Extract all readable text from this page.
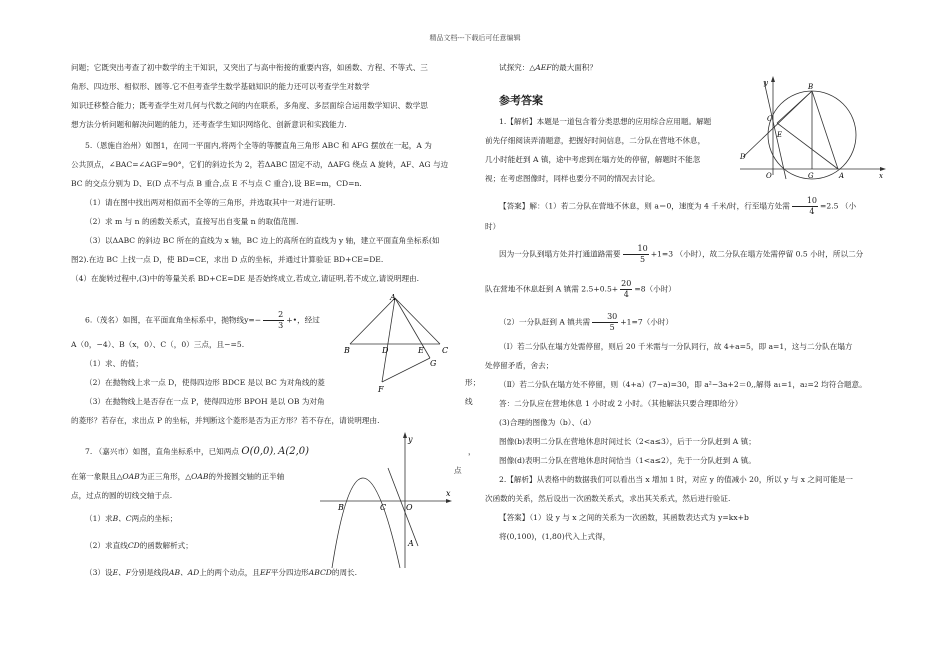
精品文档---下载后可任意编辑

问题；它既突出考查了初中数学的主干知识，又突出了与高中衔接的重要内容，如函数、方程、不等式、三

角形、四边形、相似形、圆等.它不但考查学生数学基础知识的能力还可以考查学生对数学

知识迁移整合能力；既考查学生对几何与代数之间的内在联系，多角度、多层面综合运用数学知识、数学思

想方法分析问题和解决问题的能力，还考查学生知识网络化、创新意识和实践能力.

5.（恩施自治州）如图1，在同一平面内,将两个全等的等腰直角三角形 ABC 和 AFG 摆放在一起，A 为

公共顶点，∠BAC=∠AGF=90°，它们的斜边长为 2，若ΔABC 固定不动，ΔAFG 绕点 A 旋转，AF、AG 与边

BC 的交点分别为 D、E(D 点不与点 B 重合,点 E 不与点 C 重合),设 BE=m，CD=n.

（1）请在图中找出两对相似而不全等的三角形，并选取其中一对进行证明.

（2）求 m 与 n 的函数关系式，直接写出自变量 n 的取值范围.

（3）以ΔABC 的斜边 BC 所在的直线为 x 轴，BC 边上的高所在的直线为 y 轴，建立平面直角坐标系(如

图2).在边 BC 上找一点 D，使 BD=CE，求出 D 点的坐标，并通过计算验证 BD+CE=DE.

（4）在旋转过程中,(3)中的等量关系 BD+CE=DE 是否始终成立,若成立,请证明,若不成立,请说明理由.

6.（茂名）如图，在平面直角坐标系中，抛物线$y=- \frac{2}{3}$ +•，经过

A（0，−4）、B（x，0）、C（，0）三点，且−=5.

（1）求、的值；

（2）在抛物线上求一点 D，使得四边形 BDCE 是以 BC 为对角线的菱	形；

（3）在抛物线上是否存在一点 P，使得四边形 BPOH 是以 OB 为对角	线

的菱形？若存在，求出点 P 的坐标，并判断这个菱形是否为正方形？若不存在，请说明理由.

7. （嘉兴市）如图，直角坐标系中，已知两点 O(0,0), A(2,0)	，点

在第一象限且△OAB为正三角形，△OAB的外接圆交轴的正半轴

点，过点的圆的切线交轴于点.

（1）求B、C两点的坐标；

（2）求直线CD的函数解析式；

（3）设E、F分别是线段AB、AD上的两个动点，且EF平分四边形ABCD的周长.

A
B	D	E C
F
G
y
x
B	C O
A

试探究：△AEF的最大面积？

参考答案

1.【解析】本题是一道包含着分类思想的应用综合应用题。解题

前先仔细阅读弄清题意，把握好时间信息，二分队在营地不休息，

几小时能赶到 A 镇，途中考虑到在塌方处的停留，解题时不能忽

视；在考虑图像时，同样也要分不同的情况去讨论。

【答案】解：（1）若二分队在营地不休息，则 a＝0，速度为 4 千米/时，行至塌方处需 $\frac{10}{4} =2.5$ （小

时）

因为一分队到塌方处并打通道路需要 $\frac{10}{5} +1=3$ （小时），故二分队在塌方处需停留 0.5 小时，所以二分

队在营地不休息赶到 A 镇需 $2.5+0.5+ \frac{20}{4} =8$（小时）

（2）一分队赶到 A 镇共需 $\frac{30}{5} +1=7$（小时）

（Ⅰ）若二分队在塌方处需停留，则后 20 千米需与一分队同行，故 4+a=5，即 a=1，这与二分队在塌方

处停留矛盾，舍去；

（Ⅱ）若二分队在塌方处不停留，则（4+a）(7−a)=30，即 a²−3a+2＝0,,解得 a₁=1，a₂=2 均符合题意。

答：二分队应在营地休息 1 小时或 2 小时。（其他解法只要合理即给分）

(3)合理的图像为（b）、（d）

图像(b)表明二分队在营地休息时间过长（2<a≤3），后于一分队赶到 A 镇；

图像(d)表明二分队在营地休息时间恰当（1<a≤2），先于一分队赶到 A 镇。

2.【解析】从表格中的数据我们可以看出当 x 增加 1 时，对应 y 的值减小 20，所以 y 与 x 之间可能是一

次函数的关系，然后设出一次函数关系式，求出其关系式，然后进行验证.

【答案】（1）设 y 与 x 之间的关系为一次函数，其函数表达式为 y=kx+b

将(0,100)，(1,80)代入上式得，

y	B
C
E
D
O	G	A	x
